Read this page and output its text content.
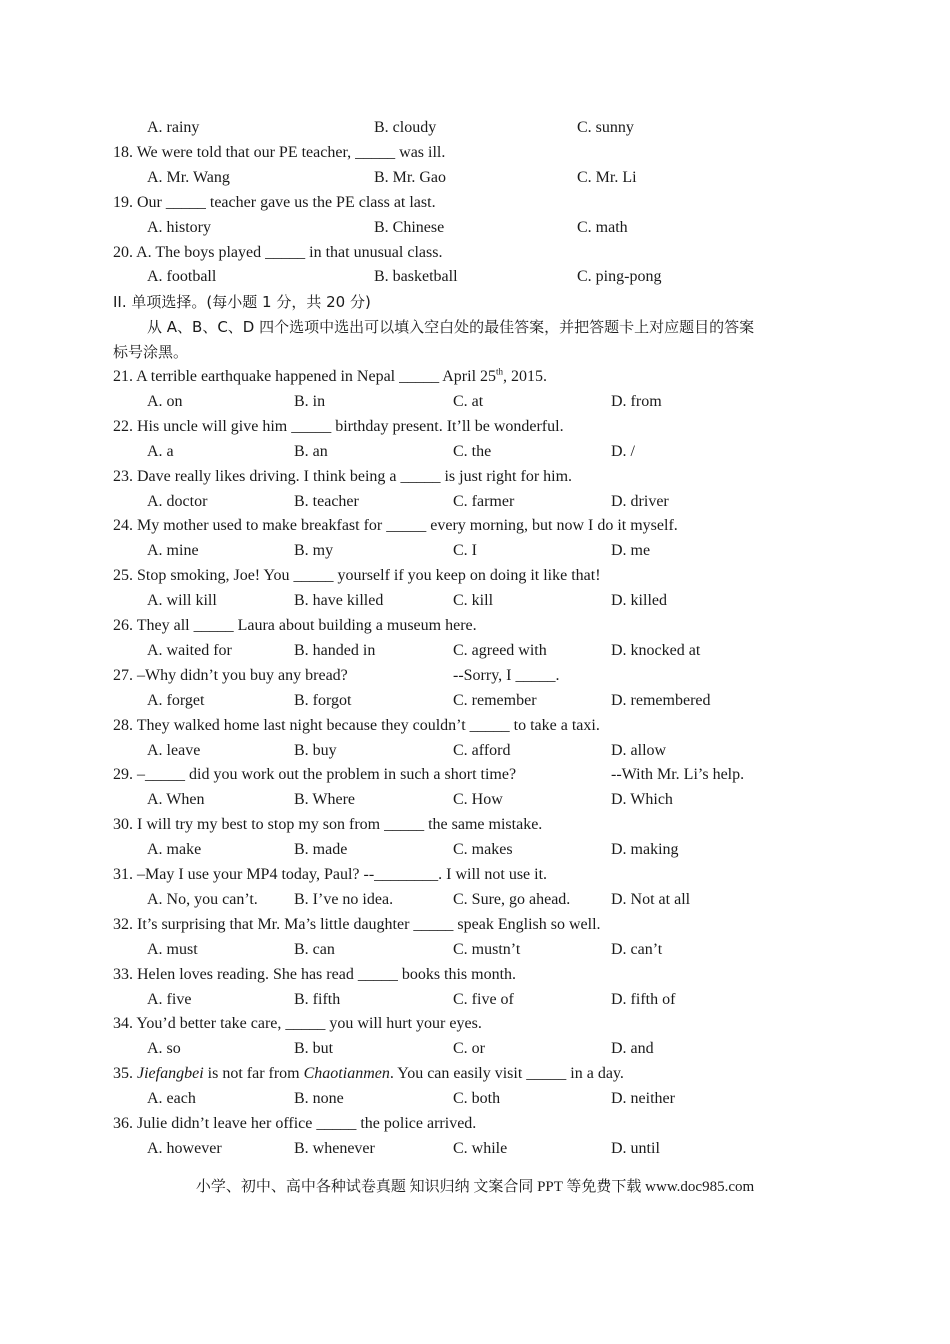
A. rainy	B. cloudy	C. sunny
18. We were told that our PE teacher, _____ was ill.
A. Mr. Wang	B. Mr. Gao	C. Mr. Li
19. Our _____ teacher gave us the PE class at last.
A. history	B. Chinese	C. math
20. A. The boys played _____ in that unusual class.
A. football	B. basketball	C. ping-pong
II. 单项选择。(每小题 1 分，共 20 分)
从 A、B、C、D 四个选项中选出可以填入空白处的最佳答案，并把答题卡上对应题目的答案
标号涂黑。
21. A terrible earthquake happened in Nepal _____ April 25th, 2015.
A. on	B. in	C. at	D. from
22. His uncle will give him _____ birthday present. It’ll be wonderful.
A. a	B. an	C. the	D. /
23. Dave really likes driving. I think being a _____ is just right for him.
A. doctor	B. teacher	C. farmer	D. driver
24. My mother used to make breakfast for _____ every morning, but now I do it myself.
A. mine	B. my	C. I	D. me
25. Stop smoking, Joe! You _____ yourself if you keep on doing it like that!
A. will kill	B. have killed	C. kill	D. killed
26. They all _____ Laura about building a museum here.
A. waited for	B. handed in	C. agreed with	D. knocked at
27. –Why didn’t you buy any bread?	--Sorry, I _____.
A. forget	B. forgot	C. remember	D. remembered
28. They walked home last night because they couldn’t _____ to take a taxi.
A. leave	B. buy	C. afford	D. allow
29. –_____ did you work out the problem in such a short time?	--With Mr. Li’s help.
A. When	B. Where	C. How	D. Which
30. I will try my best to stop my son from _____ the same mistake.
A. make	B. made	C. makes	D. making
31. –May I use your MP4 today, Paul? --________. I will not use it.
A. No, you can’t. B. I’ve no idea.	C. Sure, go ahead.	D. Not at all
32. It’s surprising that Mr. Ma’s little daughter _____ speak English so well.
A. must	B. can	C. mustn’t	D. can’t
33. Helen loves reading. She has read _____ books this month.
A. five	B. fifth	C. five of	D. fifth of
34. You’d better take care, _____ you will hurt your eyes.
A. so	B. but	C. or	D. and
35. Jiefangbei is not far from Chaotianmen. You can easily visit _____ in a day.
A. each	B. none	C. both	D. neither
36. Julie didn’t leave her office _____ the police arrived.
A. however	B. whenever	C. while	D. until
小学、初中、高中各种试卷真题 知识归纳 文案合同 PPT 等免费下载 www.doc985.com
